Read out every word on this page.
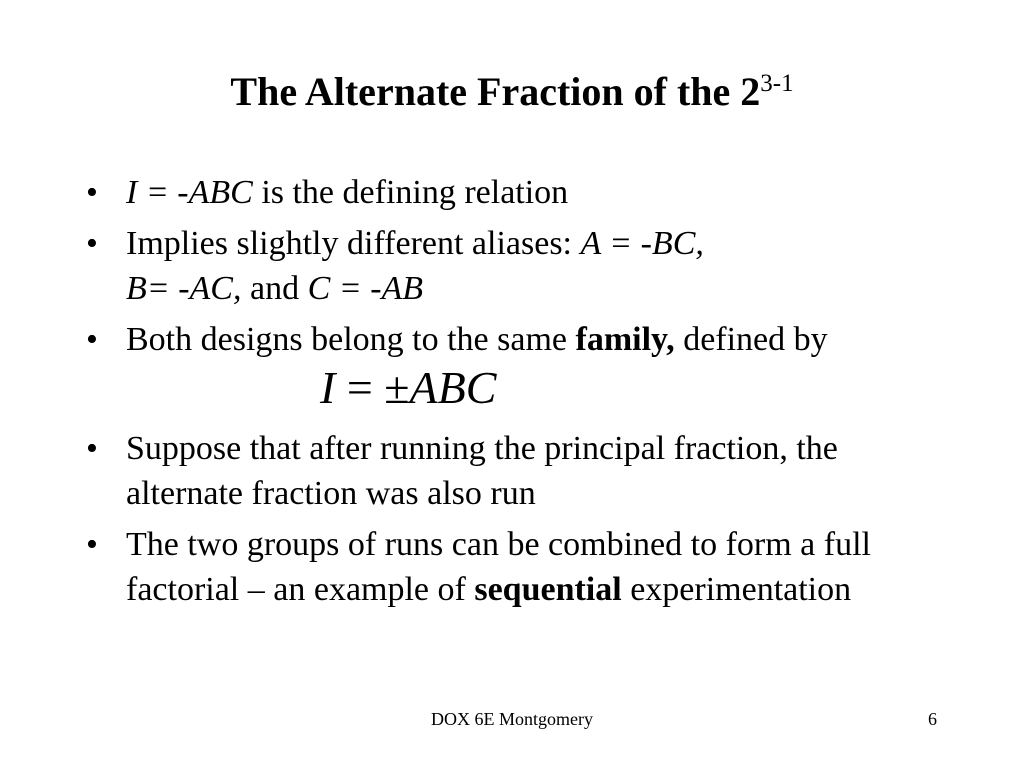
The Alternate Fraction of the 2$^{3-1}$
• I = -ABC is the defining relation
• Implies slightly different aliases: A = -BC,
B= -AC, and C = -AB
• Both designs belong to the same family, defined by
I = ±ABC
• Suppose that after running the principal fraction, the alternate fraction was also run
• The two groups of runs can be combined to form a full factorial – an example of sequential experimentation
DOX 6E Montgomery	6
